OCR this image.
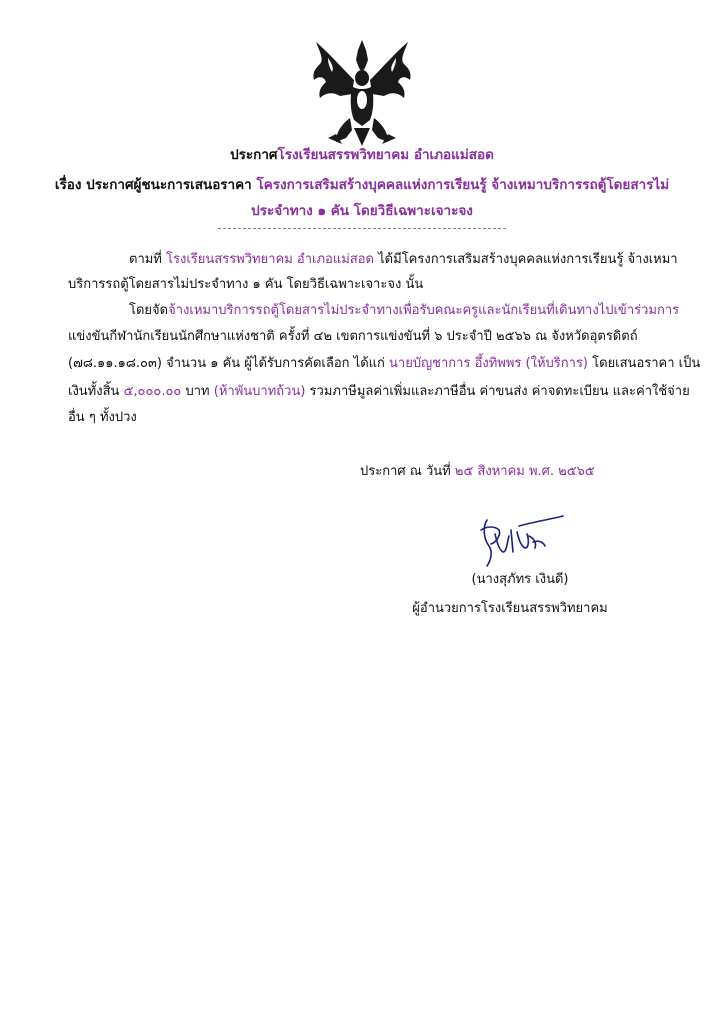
ประกาศโรงเรียนสรรพวิทยาคม อำเภอแม่สอด
เรื่อง ประกาศผู้ชนะการเสนอราคา โครงการเสริมสร้างบุคคลแห่งการเรียนรู้ จ้างเหมาบริการรถตู้โดยสารไม่
ประจำทาง ๑ คัน โดยวิธีเฉพาะเจาะจง
ตามที่ โรงเรียนสรรพวิทยาคม อำเภอแม่สอด ได้มีโครงการเสริมสร้างบุคคลแห่งการเรียนรู้ จ้างเหมา
บริการรถตู้โดยสารไม่ประจำทาง ๑ คัน โดยวิธีเฉพาะเจาะจง นั้น
โดยจัดจ้างเหมาบริการรถตู้โดยสารไม่ประจำทางเพื่อรับคณะครูและนักเรียนที่เดินทางไปเข้าร่วมการ
แข่งขันกีฬานักเรียนนักศึกษาแห่งชาติ ครั้งที่ ๔๒ เขตการแข่งขันที่ ๖ ประจำปี ๒๕๖๖ ณ จังหวัดอุตรดิตถ์
(๗๘.๑๑.๑๘.๐๓) จำนวน ๑ คัน ผู้ได้รับการคัดเลือก ได้แก่ นายบัญชาการ อึ้งทิพพร (ให้บริการ) โดยเสนอราคา เป็น
เงินทั้งสิ้น ๕,๐๐๐.๐๐ บาท (ห้าพันบาทถ้วน) รวมภาษีมูลค่าเพิ่มและภาษีอื่น ค่าขนส่ง ค่าจดทะเบียน และค่าใช้จ่าย
อื่น ๆ ทั้งปวง
ประกาศ ณ วันที่ ๒๕ สิงหาคม พ.ศ. ๒๕๖๕
(นางสุภัทร เงินดี)
ผู้อำนวยการโรงเรียนสรรพวิทยาคม
